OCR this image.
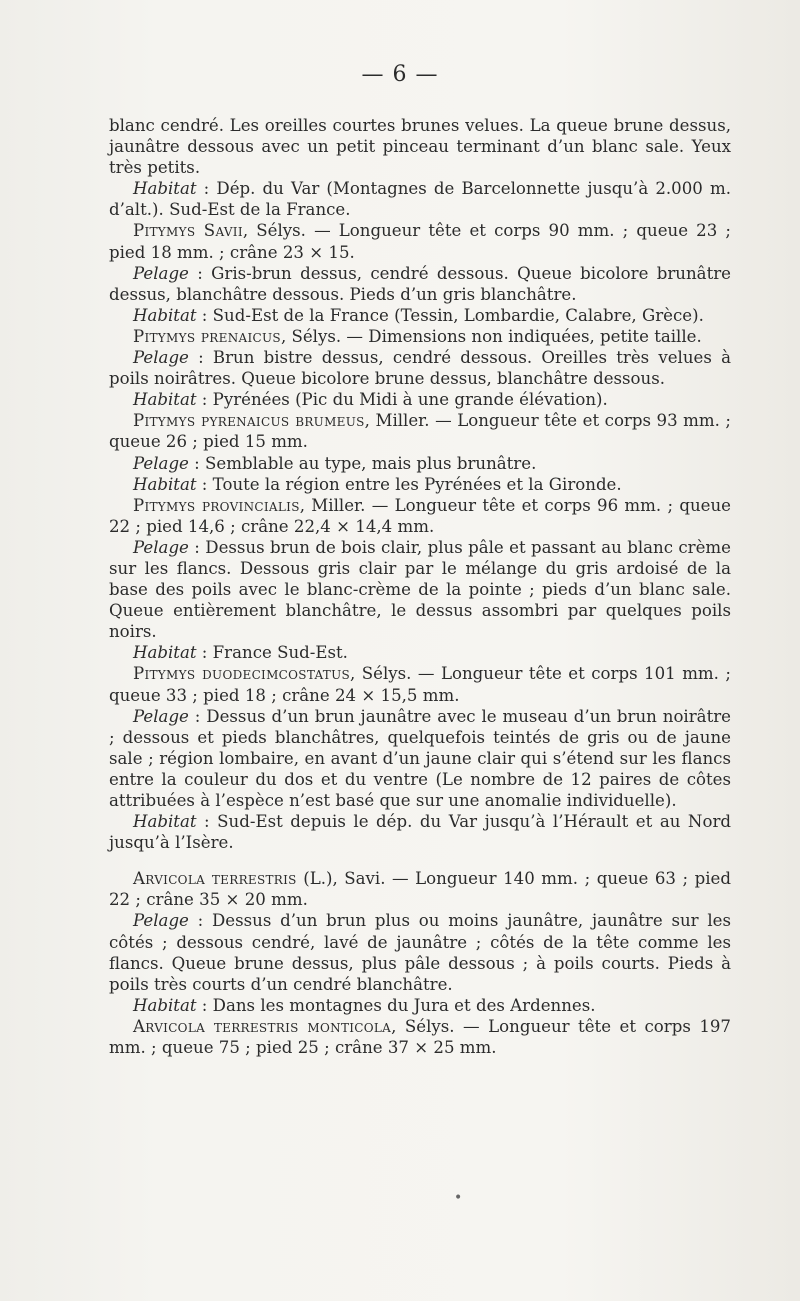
— 6 —

blanc cendré. Les oreilles courtes brunes velues. La queue brune dessus, jaunâtre dessous avec un petit pinceau terminant d’un blanc sale. Yeux très petits.

Habitat : Dép. du Var (Montagnes de Barcelonnette jusqu’à 2.000 m. d’alt.). Sud-Est de la France.

Pitymys Savii, Sélys. — Longueur tête et corps 90 mm. ; queue 23 ; pied 18 mm. ; crâne 23 × 15.

Pelage : Gris-brun dessus, cendré dessous. Queue bicolore brunâtre dessus, blanchâtre dessous. Pieds d’un gris blanchâtre.

Habitat : Sud-Est de la France (Tessin, Lombardie, Calabre, Grèce).

Pitymys prenaicus, Sélys. — Dimensions non indiquées, petite taille.

Pelage : Brun bistre dessus, cendré dessous. Oreilles très velues à poils noirâtres. Queue bicolore brune dessus, blanchâtre dessous.

Habitat : Pyrénées (Pic du Midi à une grande élévation).

Pitymys pyrenaicus brumeus, Miller. — Longueur tête et corps 93 mm. ; queue 26 ; pied 15 mm.

Pelage : Semblable au type, mais plus brunâtre.

Habitat : Toute la région entre les Pyrénées et la Gironde.

Pitymys provincialis, Miller. — Longueur tête et corps 96 mm. ; queue 22 ; pied 14,6 ; crâne 22,4 × 14,4 mm.

Pelage : Dessus brun de bois clair, plus pâle et passant au blanc crème sur les flancs. Dessous gris clair par le mélange du gris ardoisé de la base des poils avec le blanc-crème de la pointe ; pieds d’un blanc sale. Queue entièrement blanchâtre, le dessus assombri par quelques poils noirs.

Habitat : France Sud-Est.

Pitymys duodecimcostatus, Sélys. — Longueur tête et corps 101 mm. ; queue 33 ; pied 18 ; crâne 24 × 15,5 mm.

Pelage : Dessus d’un brun jaunâtre avec le museau d’un brun noirâtre ; dessous et pieds blanchâtres, quelquefois teintés de gris ou de jaune sale ; région lombaire, en avant d’un jaune clair qui s’étend sur les flancs entre la couleur du dos et du ventre (Le nombre de 12 paires de côtes attribuées à l’espèce n’est basé que sur une anomalie individuelle).

Habitat : Sud-Est depuis le dép. du Var jusqu’à l’Hérault et au Nord jusqu’à l’Isère.

Arvicola terrestris (L.), Savi. — Longueur 140 mm. ; queue 63 ; pied 22 ; crâne 35 × 20 mm.

Pelage : Dessus d’un brun plus ou moins jaunâtre, jaunâtre sur les côtés ; dessous cendré, lavé de jaunâtre ; côtés de la tête comme les flancs. Queue brune dessus, plus pâle dessous ; à poils courts. Pieds à poils très courts d’un cendré blanchâtre.

Habitat : Dans les montagnes du Jura et des Ardennes.

Arvicola terrestris monticola, Sélys. — Longueur tête et corps 197 mm. ; queue 75 ; pied 25 ; crâne 37 × 25 mm.

•
